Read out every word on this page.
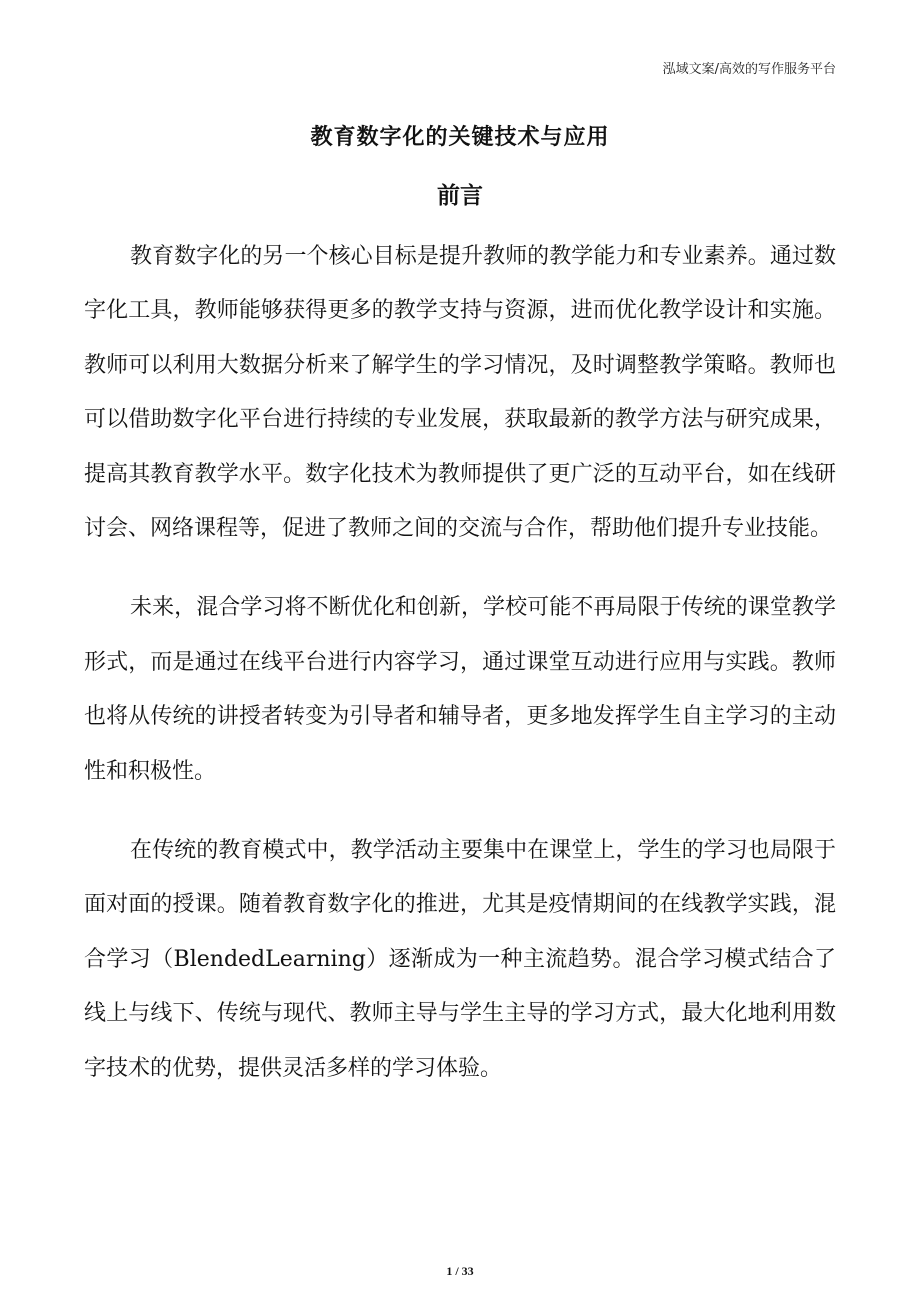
泓域文案/高效的写作服务平台
教育数字化的关键技术与应用
前言

教育数字化的另一个核心目标是提升教师的教学能力和专业素养。通过数字化工具，教师能够获得更多的教学支持与资源，进而优化教学设计和实施。教师可以利用大数据分析来了解学生的学习情况，及时调整教学策略。教师也可以借助数字化平台进行持续的专业发展，获取最新的教学方法与研究成果，提高其教育教学水平。数字化技术为教师提供了更广泛的互动平台，如在线研讨会、网络课程等，促进了教师之间的交流与合作，帮助他们提升专业技能。

未来，混合学习将不断优化和创新，学校可能不再局限于传统的课堂教学形式，而是通过在线平台进行内容学习，通过课堂互动进行应用与实践。教师也将从传统的讲授者转变为引导者和辅导者，更多地发挥学生自主学习的主动性和积极性。

在传统的教育模式中，教学活动主要集中在课堂上，学生的学习也局限于面对面的授课。随着教育数字化的推进，尤其是疫情期间的在线教学实践，混合学习（BlendedLearning）逐渐成为一种主流趋势。混合学习模式结合了线上与线下、传统与现代、教师主导与学生主导的学习方式，最大化地利用数字技术的优势，提供灵活多样的学习体验。

1 / 33
